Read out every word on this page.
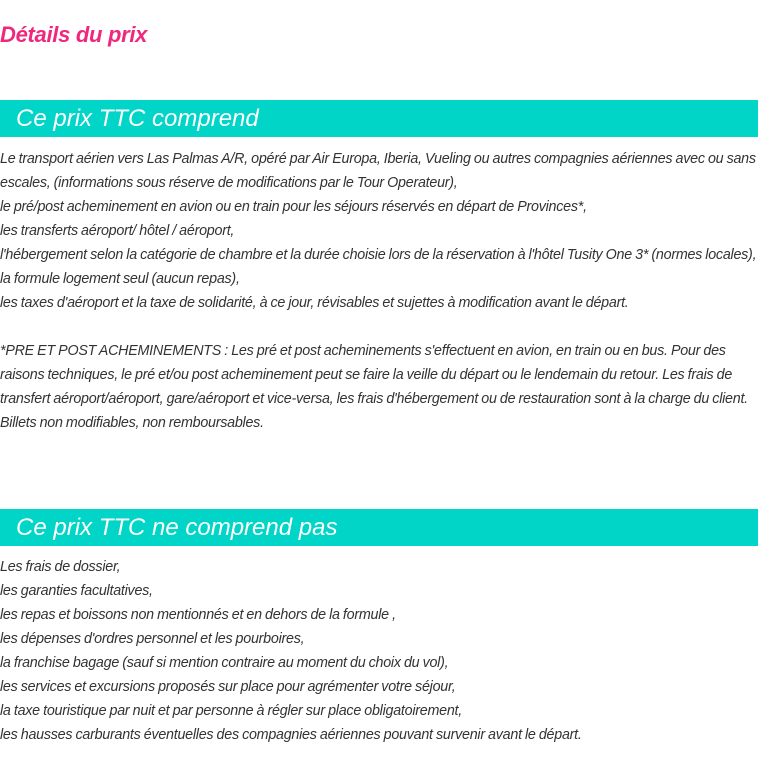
Détails du prix
Ce prix TTC comprend

Le transport aérien vers Las Palmas A/R, opéré par Air Europa, Iberia, Vueling ou autres compagnies aériennes avec ou sans escales, (informations sous réserve de modifications par le Tour Operateur),

le pré/post acheminement en avion ou en train pour les séjours réservés en départ de Provinces*,

les transferts aéroport/ hôtel / aéroport,

l'hébergement selon la catégorie de chambre et la durée choisie lors de la réservation à l'hôtel Tusity One 3* (normes locales),

la formule logement seul (aucun repas),

les taxes d'aéroport et la taxe de solidarité, à ce jour, révisables et sujettes à modification avant le départ.

*PRE ET POST ACHEMINEMENTS : Les pré et post acheminements s'effectuent en avion, en train ou en bus. Pour des raisons techniques, le pré et/ou post acheminement peut se faire la veille du départ ou le lendemain du retour. Les frais de transfert aéroport/aéroport, gare/aéroport et vice-versa, les frais d'hébergement ou de restauration sont à la charge du client. Billets non modifiables, non remboursables.

Ce prix TTC ne comprend pas

Les frais de dossier,

les garanties facultatives,

les repas et boissons non mentionnés et en dehors de la formule ,

les dépenses d'ordres personnel et les pourboires,

la franchise bagage (sauf si mention contraire au moment du choix du vol),

les services et excursions proposés sur place pour agrémenter votre séjour,

la taxe touristique par nuit et par personne à régler sur place obligatoirement,

les hausses carburants éventuelles des compagnies aériennes pouvant survenir avant le départ.
